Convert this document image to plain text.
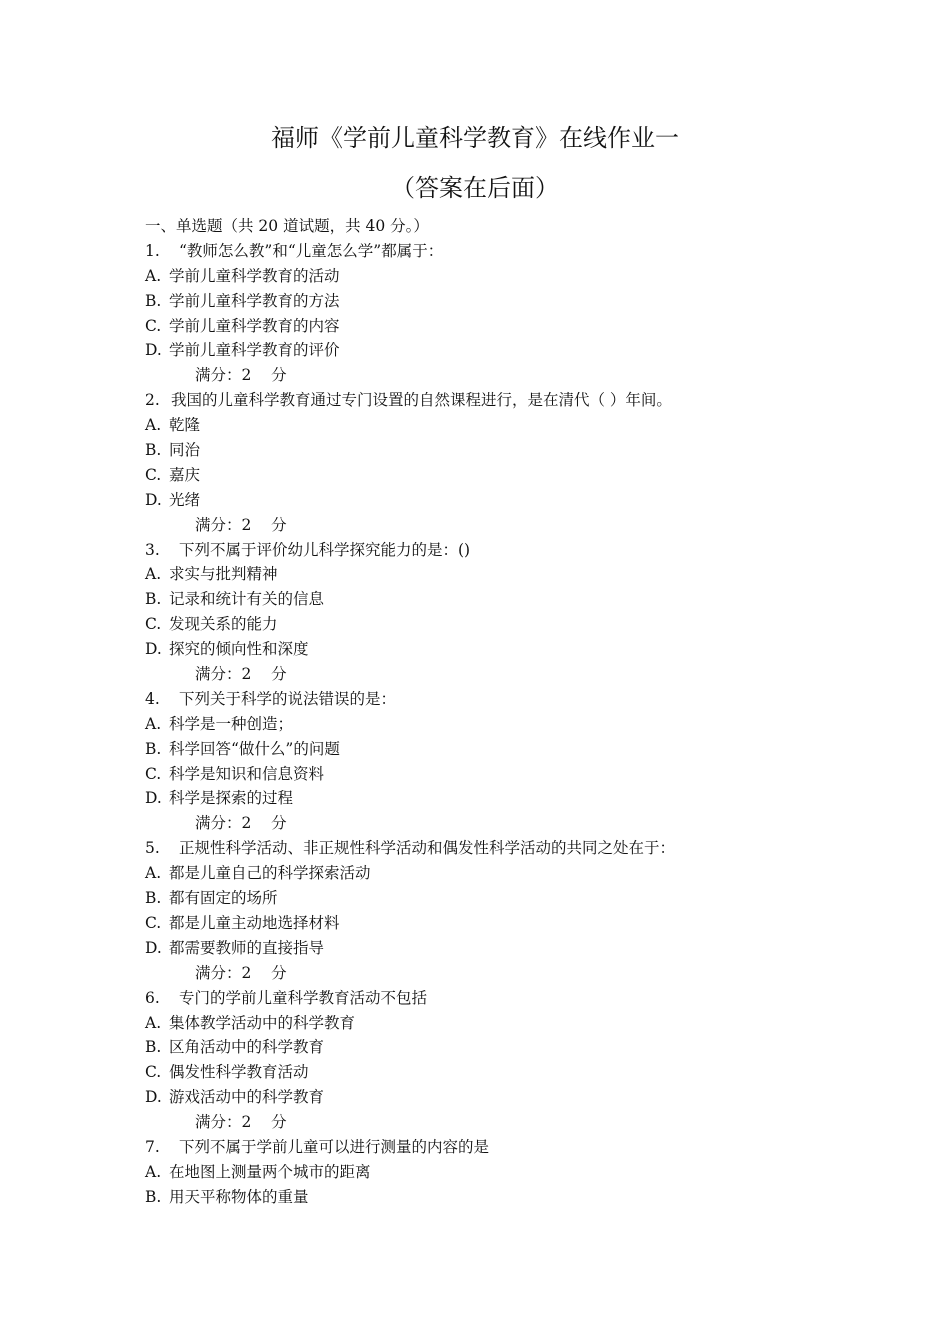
福师《学前儿童科学教育》在线作业一
（答案在后面）
一、单选题（共 20 道试题，共 40 分。）
1. “教师怎么教”和“儿童怎么学”都属于：
A. 学前儿童科学教育的活动
B. 学前儿童科学教育的方法
C. 学前儿童科学教育的内容
D. 学前儿童科学教育的评价
满分：2 分
2. 我国的儿童科学教育通过专门设置的自然课程进行，是在清代（ ）年间。
A. 乾隆
B. 同治
C. 嘉庆
D. 光绪
满分：2 分
3. 下列不属于评价幼儿科学探究能力的是：()
A. 求实与批判精神
B. 记录和统计有关的信息
C. 发现关系的能力
D. 探究的倾向性和深度
满分：2 分
4. 下列关于科学的说法错误的是：
A. 科学是一种创造；
B. 科学回答“做什么”的问题
C. 科学是知识和信息资料
D. 科学是探索的过程
满分：2 分
5. 正规性科学活动、非正规性科学活动和偶发性科学活动的共同之处在于：
A. 都是儿童自己的科学探索活动
B. 都有固定的场所
C. 都是儿童主动地选择材料
D. 都需要教师的直接指导
满分：2 分
6. 专门的学前儿童科学教育活动不包括
A. 集体教学活动中的科学教育
B. 区角活动中的科学教育
C. 偶发性科学教育活动
D. 游戏活动中的科学教育
满分：2 分
7. 下列不属于学前儿童可以进行测量的内容的是
A. 在地图上测量两个城市的距离
B. 用天平称物体的重量
